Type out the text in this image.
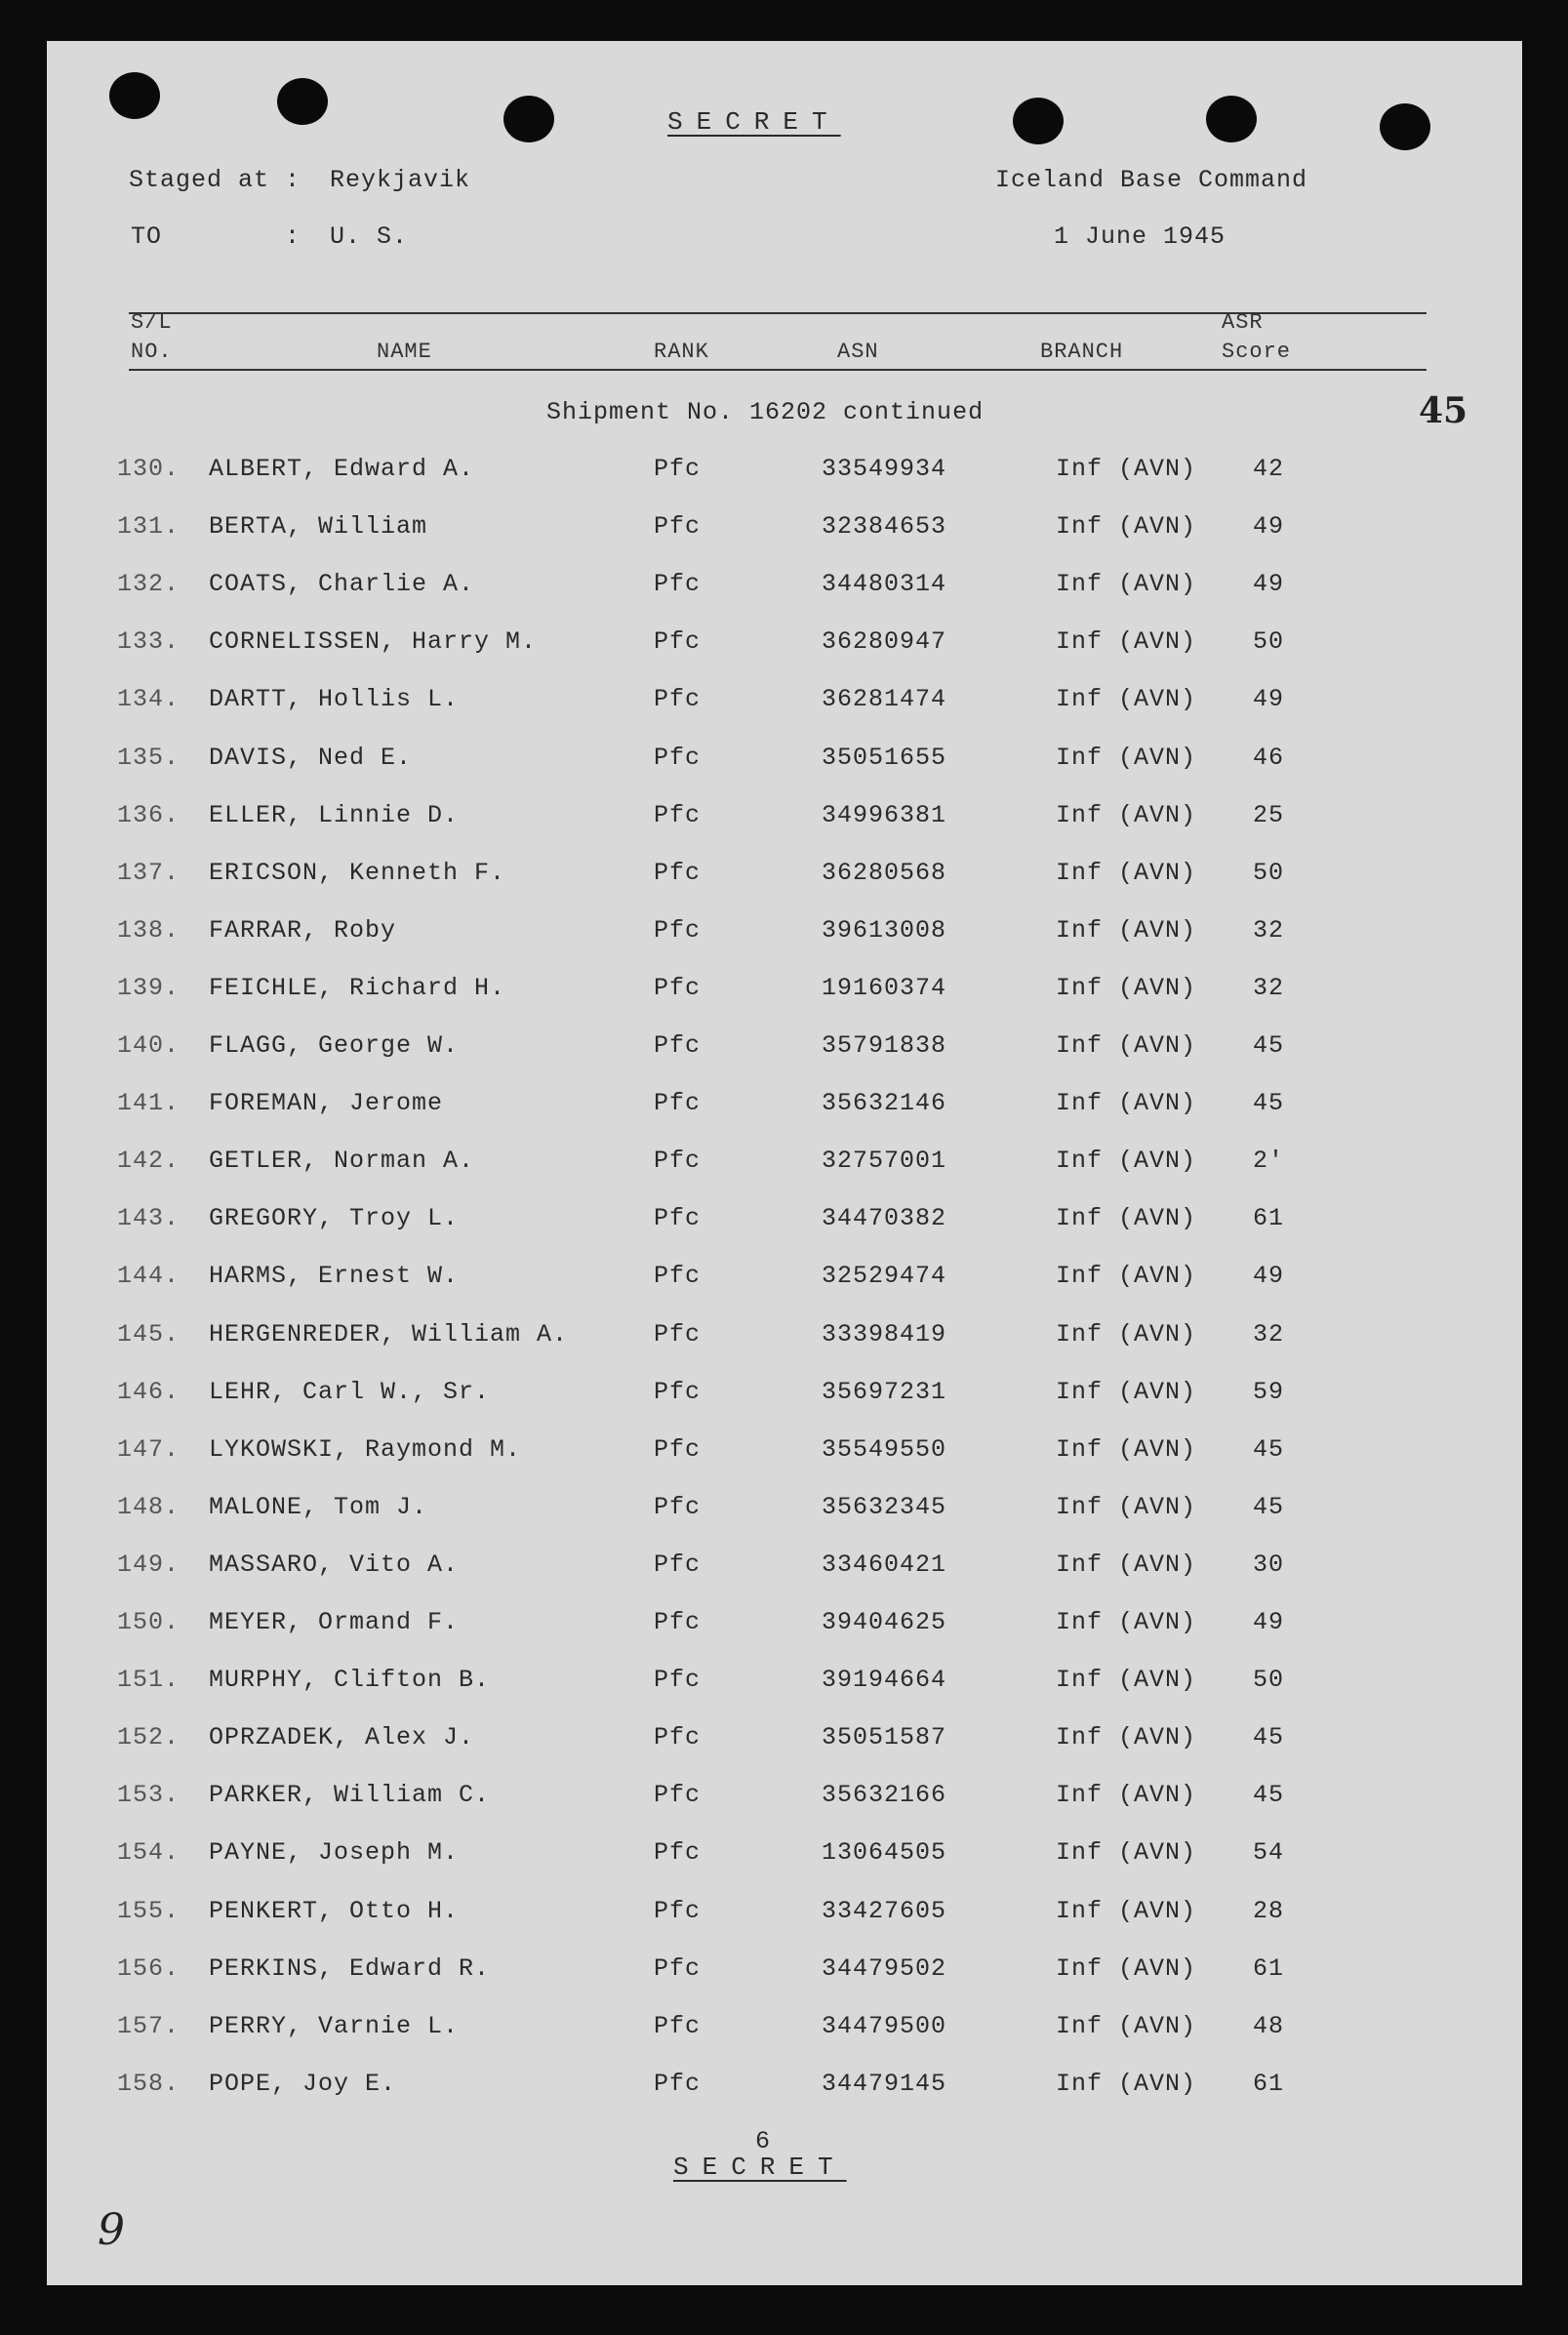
SECRET
Staged at : Reykjavik	Iceland Base Command
TO	: U. S.	1 June 1945
S/L
NO.	NAME	RANK	ASN	BRANCH
ASR
Score
Shipment No. 16202 continued	45
130. ALBERT, Edward A.	Pfc	33549934	Inf (AVN) 42
131. BERTA, William	Pfc	32384653	Inf (AVN) 49
132. COATS, Charlie A.	Pfc	34480314	Inf (AVN) 49
133. CORNELISSEN, Harry M.	Pfc	36280947	Inf (AVN) 50
134. DARTT, Hollis L.	Pfc	36281474	Inf (AVN) 49
135. DAVIS, Ned E.	Pfc	35051655	Inf (AVN) 46
136. ELLER, Linnie D.	Pfc	34996381	Inf (AVN) 25
137. ERICSON, Kenneth F.	Pfc	36280568	Inf (AVN) 50
138. FARRAR, Roby	Pfc	39613008	Inf (AVN) 32
139. FEICHLE, Richard H.	Pfc	19160374	Inf (AVN) 32
140. FLAGG, George W.	Pfc	35791838	Inf (AVN) 45
141. FOREMAN, Jerome	Pfc	35632146	Inf (AVN) 45
142. GETLER, Norman A.	Pfc	32757001	Inf (AVN) 2'
143. GREGORY, Troy L.	Pfc	34470382	Inf (AVN) 61
144. HARMS, Ernest W.	Pfc	32529474	Inf (AVN) 49
145. HERGENREDER, William A.	Pfc	33398419	Inf (AVN) 32
146. LEHR, Carl W., Sr.	Pfc	35697231	Inf (AVN) 59
147. LYKOWSKI, Raymond M.	Pfc	35549550	Inf (AVN) 45
148. MALONE, Tom J.	Pfc	35632345	Inf (AVN) 45
149. MASSARO, Vito A.	Pfc	33460421	Inf (AVN) 30
150. MEYER, Ormand F.	Pfc	39404625	Inf (AVN) 49
151. MURPHY, Clifton B.	Pfc	39194664	Inf (AVN) 50
152. OPRZADEK, Alex J.	Pfc	35051587	Inf (AVN) 45
153. PARKER, William C.	Pfc	35632166	Inf (AVN) 45
154. PAYNE, Joseph M.	Pfc	13064505	Inf (AVN) 54
155. PENKERT, Otto H.	Pfc	33427605	Inf (AVN) 28
156. PERKINS, Edward R.	Pfc	34479502	Inf (AVN) 61
157. PERRY, Varnie L.	Pfc	34479500	Inf (AVN) 48
158. POPE, Joy E.	Pfc	34479145	Inf (AVN) 61
6
SECRET
9
